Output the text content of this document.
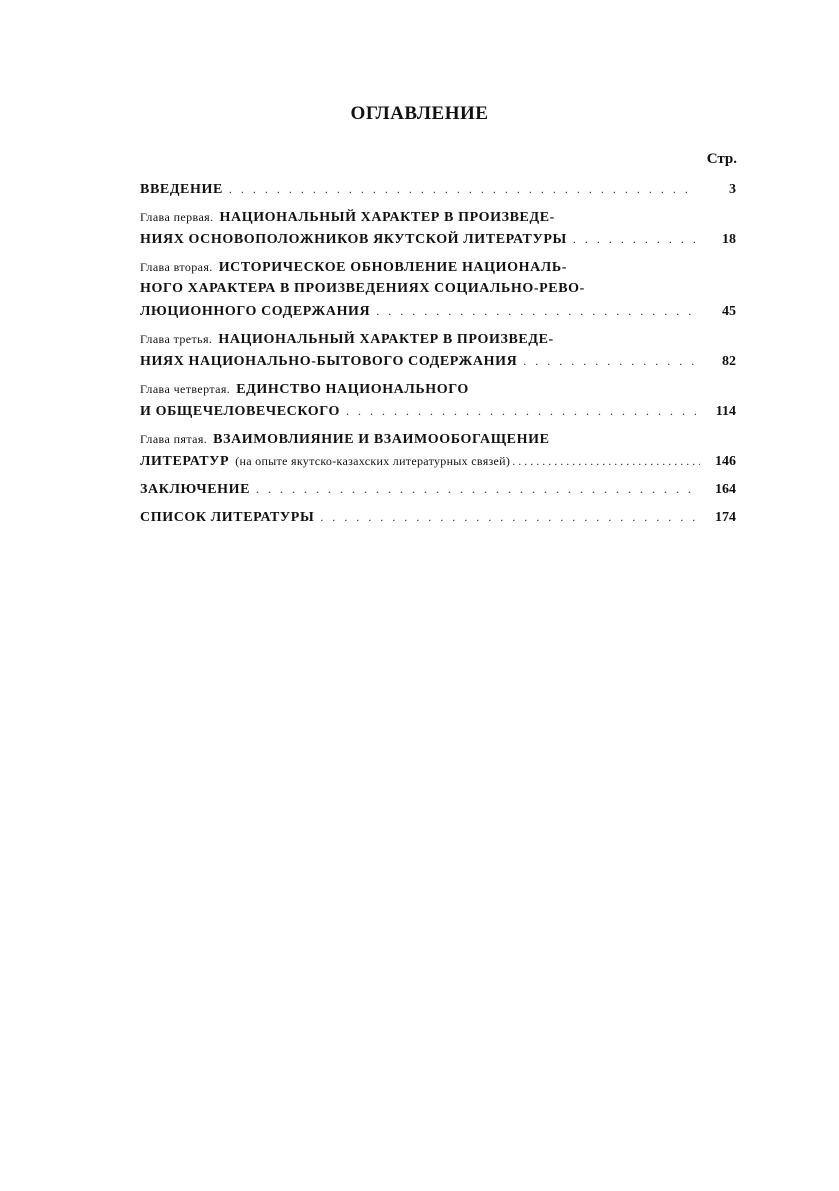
ОГЛАВЛЕНИЕ
Стр.
ВВЕДЕНИЕ . . .	3
Глава первая. НАЦИОНАЛЬНЫЙ ХАРАКТЕР В ПРОИЗВЕДЕ-
НИЯХ ОСНОВОПОЛОЖНИКОВ ЯКУТСКОЙ ЛИТЕРАТУРЫ . . .	18
Глава вторая. ИСТОРИЧЕСКОЕ ОБНОВЛЕНИЕ НАЦИОНАЛЬ-
НОГО ХАРАКТЕРА В ПРОИЗВЕДЕНИЯХ СОЦИАЛЬНО-РЕВО-
ЛЮЦИОННОГО СОДЕРЖАНИЯ . . .	45
Глава третья. НАЦИОНАЛЬНЫЙ ХАРАКТЕР В ПРОИЗВЕДЕ-
НИЯХ НАЦИОНАЛЬНО-БЫТОВОГО СОДЕРЖАНИЯ . . .	82
Глава четвертая. ЕДИНСТВО НАЦИОНАЛЬНОГО
И ОБЩЕЧЕЛОВЕЧЕСКОГО . . .	114
Глава пятая. ВЗАИМОВЛИЯНИЕ И ВЗАИМООБОГАЩЕНИЕ
ЛИТЕРАТУР (на опыте якутско-казахских литературных связей) . . .	146
ЗАКЛЮЧЕНИЕ . . .	164
СПИСОК ЛИТЕРАТУРЫ . . .	174
